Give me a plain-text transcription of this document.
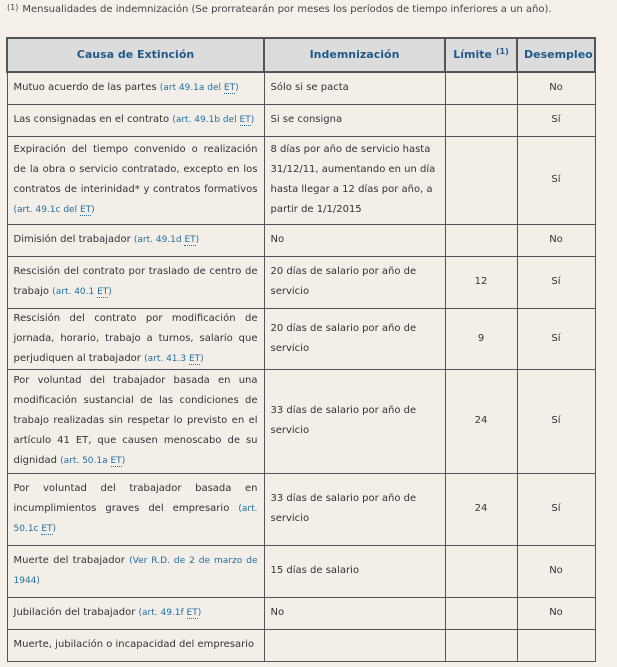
$^{(1)}$ Mensualidades de indemnización (Se prorratearán por meses los períodos de tiempo inferiores a un año).
Causa de Extinción	Indemnización	Límite $^{(1)}$	Desempleo
Mutuo acuerdo de las partes (art 49.1a del ET)	Sólo si se pacta		No
Las consignadas en el contrato (art. 49.1b del ET)	Si se consigna		Sí
Expiración del tiempo convenido o realización de la obra o servicio contratado, excepto en los contratos de interinidad* y contratos formativos (art. 49.1c del ET)	8 días por año de servicio hasta 31/12/11, aumentando en un día hasta llegar a 12 días por año, a partir de 1/1/2015		Sí
Dimisión del trabajador (art. 49.1d ET)	No		No
Rescisión del contrato por traslado de centro de trabajo (art. 40.1 ET)	20 días de salario por año de servicio	12	Sí
Rescisión del contrato por modificación de jornada, horario, trabajo a turnos, salario que perjudiquen al trabajador (art. 41.3 ET)	20 días de salario por año de servicio	9	Sí
Por voluntad del trabajador basada en una modificación sustancial de las condiciones de trabajo realizadas sin respetar lo previsto en el artículo 41 ET, que causen menoscabo de su dignidad (art. 50.1a ET)	33 días de salario por año de servicio	24	Sí
Por voluntad del trabajador basada en incumplimientos graves del empresario (art. 50.1c ET)	33 días de salario por año de servicio	24	Sí
Muerte del trabajador (Ver R.D. de 2 de marzo de 1944)	15 días de salario		No
Jubilación del trabajador (art. 49.1f ET)	No		No
Muerte, jubilación o incapacidad del empresario			
